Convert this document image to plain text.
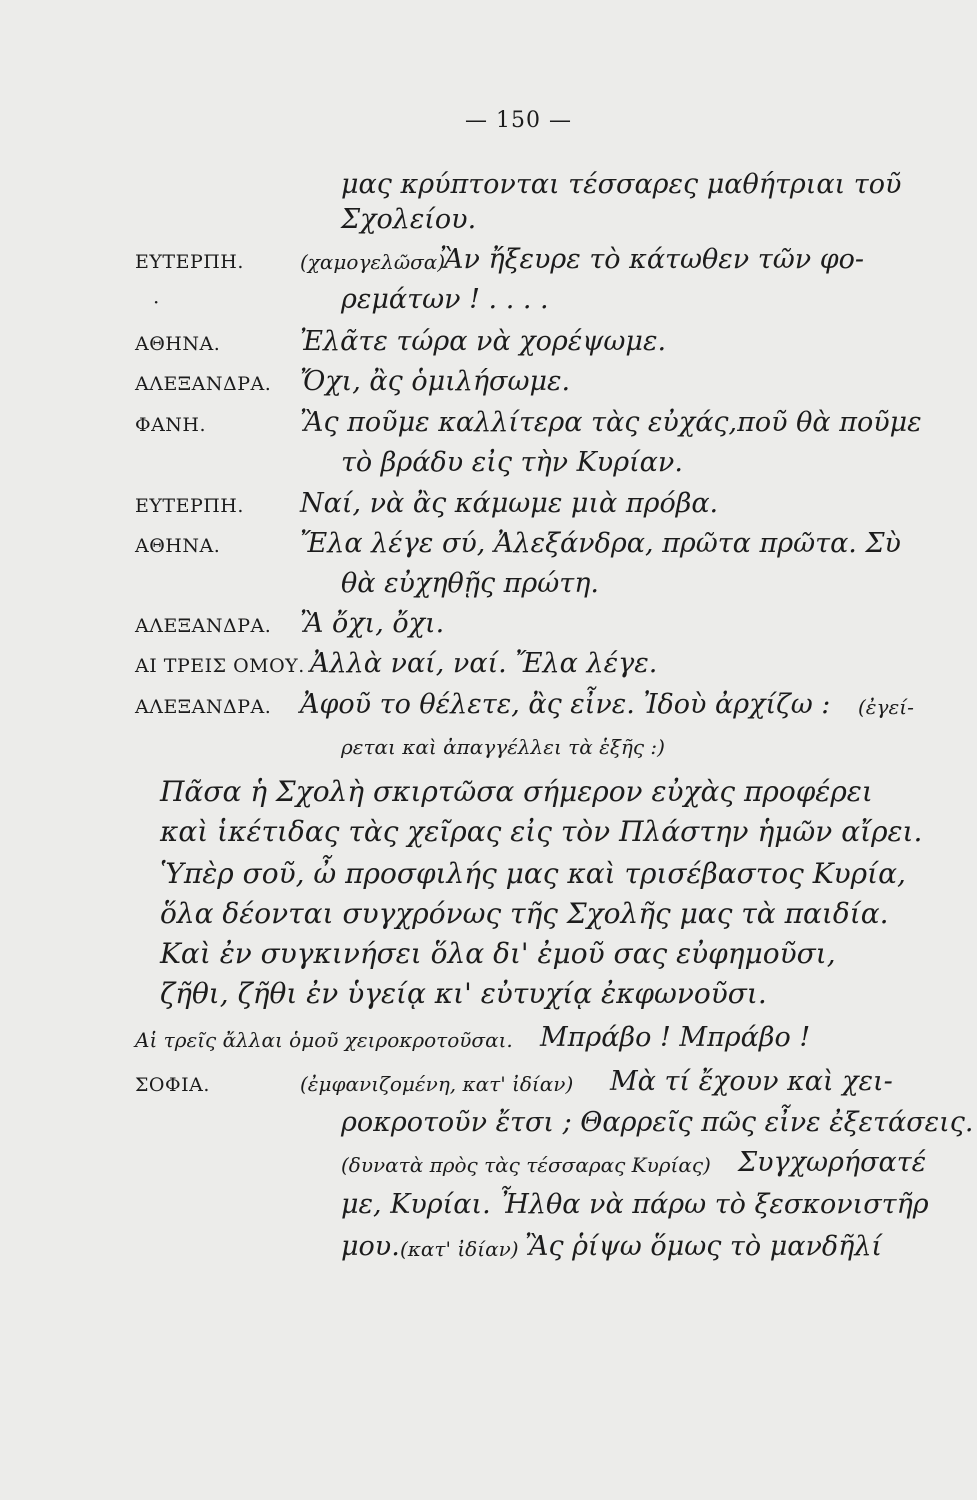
— 150 —
μας κρύπτονται τέσσαρες μαθήτριαι τοῦ
Σχολείου.
ΕΥΤΕΡΠΗ.	(χαμογελῶσα)
Ἂν ἤξευρε τὸ κάτωθεν τῶν φο-
·	ρεμάτων ! . . . .
ΑΘΗΝΑ.	Ἐλᾶτε τώρα νὰ χορέψωμε.
ΑΛΕΞΑΝΔΡΑ. Ὄχι, ἂς ὁμιλήσωμε.
ΦΑΝΗ.	Ἂς ποῦμε καλλίτερα τὰς εὐχάς,ποῦ θὰ ποῦμε
τὸ βράδυ εἰς τὴν Κυρίαν.
ΕΥΤΕΡΠΗ. Ναί, νὰ ἂς κάμωμε μιὰ πρόβα.
ΑΘΗΝΑ.	Ἔλα λέγε σύ, Ἀλεξάνδρα, πρῶτα πρῶτα. Σὺ
θὰ εὐχηθῇς πρώτη.
ΑΛΕΞΑΝΔΡΑ. Ἂ ὄχι, ὄχι.
ΑΙ ΤΡΕΙΣ ΟΜΟΥ. Ἀλλὰ ναί, ναί. Ἔλα λέγε.
ΑΛΕΞΑΝΔΡΑ. Ἀφοῦ το θέλετε, ἂς εἶνε. Ἰδοὺ ἀρχίζω : (ἐγεί-
ρεται καὶ ἀπαγγέλλει τὰ ἑξῆς :)
Πᾶσα ἡ Σχολὴ σκιρτῶσα σήμερον εὐχὰς προφέρει
καὶ ἱκέτιδας τὰς χεῖρας εἰς τὸν Πλάστην ἡμῶν αἴρει.
Ὑπὲρ σοῦ, ὦ προσφιλής μας καὶ τρισέβαστος Κυρία,
ὅλα δέονται συγχρόνως τῆς Σχολῆς μας τὰ παιδία.
Καὶ ἐν συγκινήσει ὅλα δι' ἐμοῦ σας εὐφημοῦσι,
ζῆθι, ζῆθι ἐν ὑγείᾳ κι' εὐτυχίᾳ ἐκφωνοῦσι.
Αἱ τρεῖς ἄλλαι ὁμοῦ χειροκροτοῦσαι. Μπράβο ! Μπράβο !
ΣΟΦΙΑ.	(ἐμφανιζομένη, κατ' ἰδίαν) Μὰ τί ἔχουν καὶ χει-
ροκροτοῦν ἔτσι ; Θαρρεῖς πῶς εἶνε ἐξετάσεις.
(δυνατὰ πρὸς τὰς τέσσαρας Κυρίας) Συγχωρήσατέ
με, Κυρίαι. Ἦλθα νὰ πάρω τὸ ξεσκονιστῆρ
μου. (κατ' ἰδίαν) Ἂς ῥίψω ὅμως τὸ μανδῆλί
